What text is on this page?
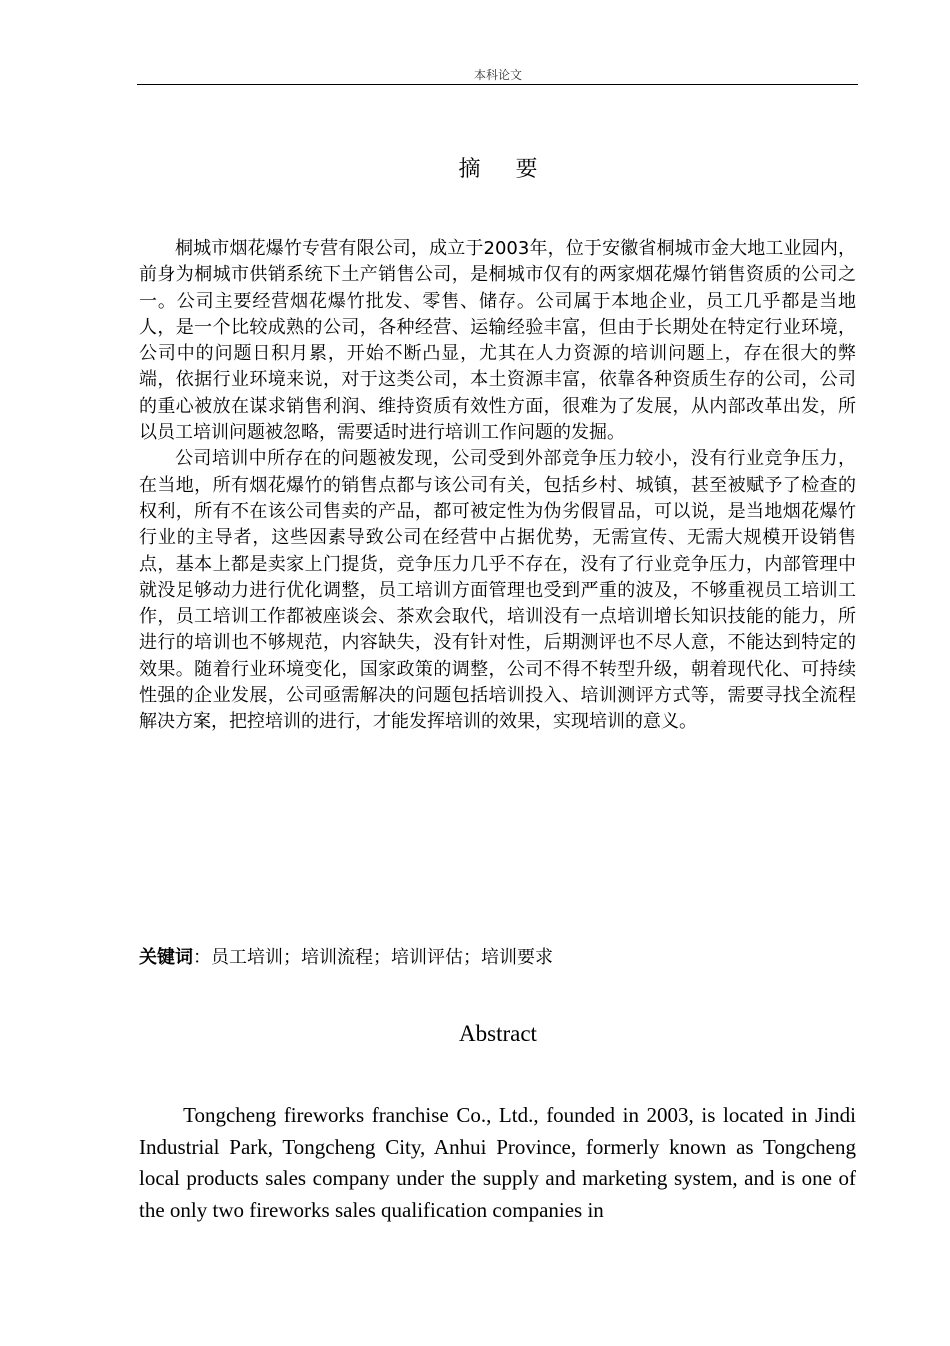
本科论文
摘 要

桐城市烟花爆竹专营有限公司，成立于2003年，位于安徽省桐城市金大地工业园内，前身为桐城市供销系统下土产销售公司，是桐城市仅有的两家烟花爆竹销售资质的公司之一。公司主要经营烟花爆竹批发、零售、储存。公司属于本地企业，员工几乎都是当地人，是一个比较成熟的公司，各种经营、运输经验丰富，但由于长期处在特定行业环境，公司中的问题日积月累，开始不断凸显，尤其在人力资源的培训问题上，存在很大的弊端，依据行业环境来说，对于这类公司，本土资源丰富，依靠各种资质生存的公司，公司的重心被放在谋求销售利润、维持资质有效性方面，很难为了发展，从内部改革出发，所以员工培训问题被忽略，需要适时进行培训工作问题的发掘。

公司培训中所存在的问题被发现，公司受到外部竞争压力较小，没有行业竞争压力，在当地，所有烟花爆竹的销售点都与该公司有关，包括乡村、城镇，甚至被赋予了检查的权利，所有不在该公司售卖的产品，都可被定性为伪劣假冒品，可以说，是当地烟花爆竹行业的主导者，这些因素导致公司在经营中占据优势，无需宣传、无需大规模开设销售点，基本上都是卖家上门提货，竞争压力几乎不存在，没有了行业竞争压力，内部管理中就没足够动力进行优化调整，员工培训方面管理也受到严重的波及，不够重视员工培训工作，员工培训工作都被座谈会、茶欢会取代，培训没有一点培训增长知识技能的能力，所进行的培训也不够规范，内容缺失，没有针对性，后期测评也不尽人意，不能达到特定的效果。随着行业环境变化，国家政策的调整，公司不得不转型升级，朝着现代化、可持续性强的企业发展，公司亟需解决的问题包括培训投入、培训测评方式等，需要寻找全流程解决方案，把控培训的进行，才能发挥培训的效果，实现培训的意义。

关键词：员工培训；培训流程；培训评估；培训要求
Abstract

Tongcheng fireworks franchise Co., Ltd., founded in 2003, is located in Jindi Industrial Park, Tongcheng City, Anhui Province, formerly known as Tongcheng local products sales company under the supply and marketing system, and is one of the only two fireworks sales qualification companies in
